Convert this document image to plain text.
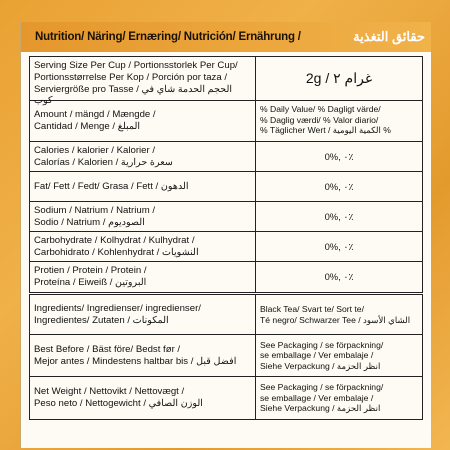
Nutrition/ Näring/ Ernæring/ Nutrición/ Ernährung /	حقائق التغذية
Serving Size Per Cup / Portionsstorlek Per Cup/
Portionsstørrelse Per Kop / Porción por taza /
Serviergröße pro Tasse / الحجم الحدمة شاي في كوب
2g / غرام ٢
Amount / mängd / Mængde /
Cantidad / Menge / المبلغ
% Daily Value/ % Dagligt värde/
% Daglig værdi/ % Valor diario/
% Täglicher Wert / الكمية اليومية %
Calories / kalorier / Kalorier /
Calorías / Kalorien / سعرة حرارية
0%, ٠٪
Fat/ Fett / Fedt/ Grasa / Fett / الدهون	0%, ٠٪
Sodium / Natrium / Natrium /
Sodio / Natrium / الصوديوم
0%, ٠٪
Carbohydrate / Kolhydrat / Kulhydrat /
Carbohidrato / Kohlenhydrat / النشويات
0%, ٠٪
Protien / Protein / Protein /
Proteína / Eiweiß / البروتين
0%, ٠٪
Ingredients/ Ingredienser/ ingredienser/
Ingredientes/ Zutaten / المكونات
Black Tea/ Svart te/ Sort te/
Té negro/ Schwarzer Tee / الشاي الأسود
Best Before / Bäst före/ Bedst før /
Mejor antes / Mindestens haltbar bis / افضل قبل
See Packaging / se förpackning/
se emballage / Ver embalaje /
Siehe Verpackung / انظر الحزمة
Net Weight / Nettovikt / Nettovægt /
Peso neto / Nettogewicht / الوزن الصافي
See Packaging / se förpackning/
se emballage / Ver embalaje /
Siehe Verpackung / انظر الحزمة
